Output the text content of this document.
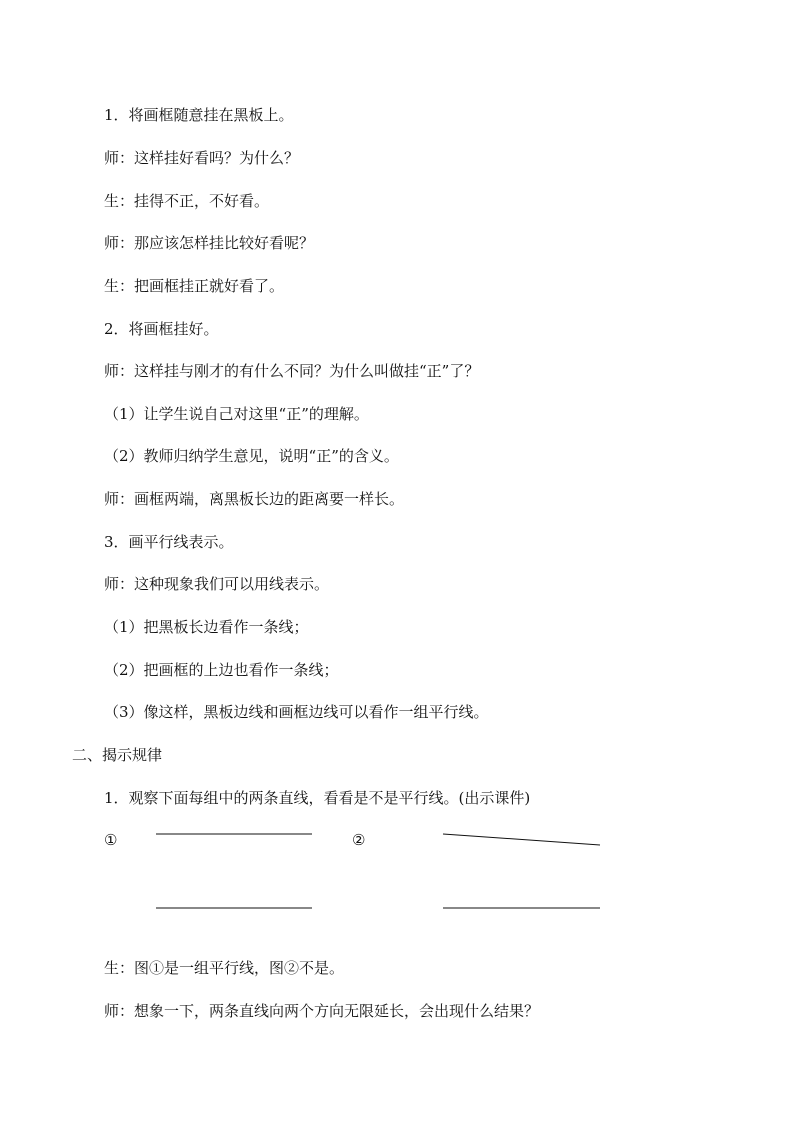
1．将画框随意挂在黑板上。
师：这样挂好看吗？为什么？
生：挂得不正，不好看。
师：那应该怎样挂比较好看呢？
生：把画框挂正就好看了。
2．将画框挂好。
师：这样挂与刚才的有什么不同？为什么叫做挂“正”了？
（1）让学生说自己对这里“正”的理解。
（2）教师归纳学生意见，说明“正”的含义。
师：画框两端，离黑板长边的距离要一样长。
3．画平行线表示。
师：这种现象我们可以用线表示。
（1）把黑板长边看作一条线；
（2）把画框的上边也看作一条线；
（3）像这样，黑板边线和画框边线可以看作一组平行线。
二、揭示规律
1．观察下面每组中的两条直线，看看是不是平行线。(出示课件)
①	②
生：图①是一组平行线，图②不是。
师：想象一下，两条直线向两个方向无限延长，会出现什么结果？
